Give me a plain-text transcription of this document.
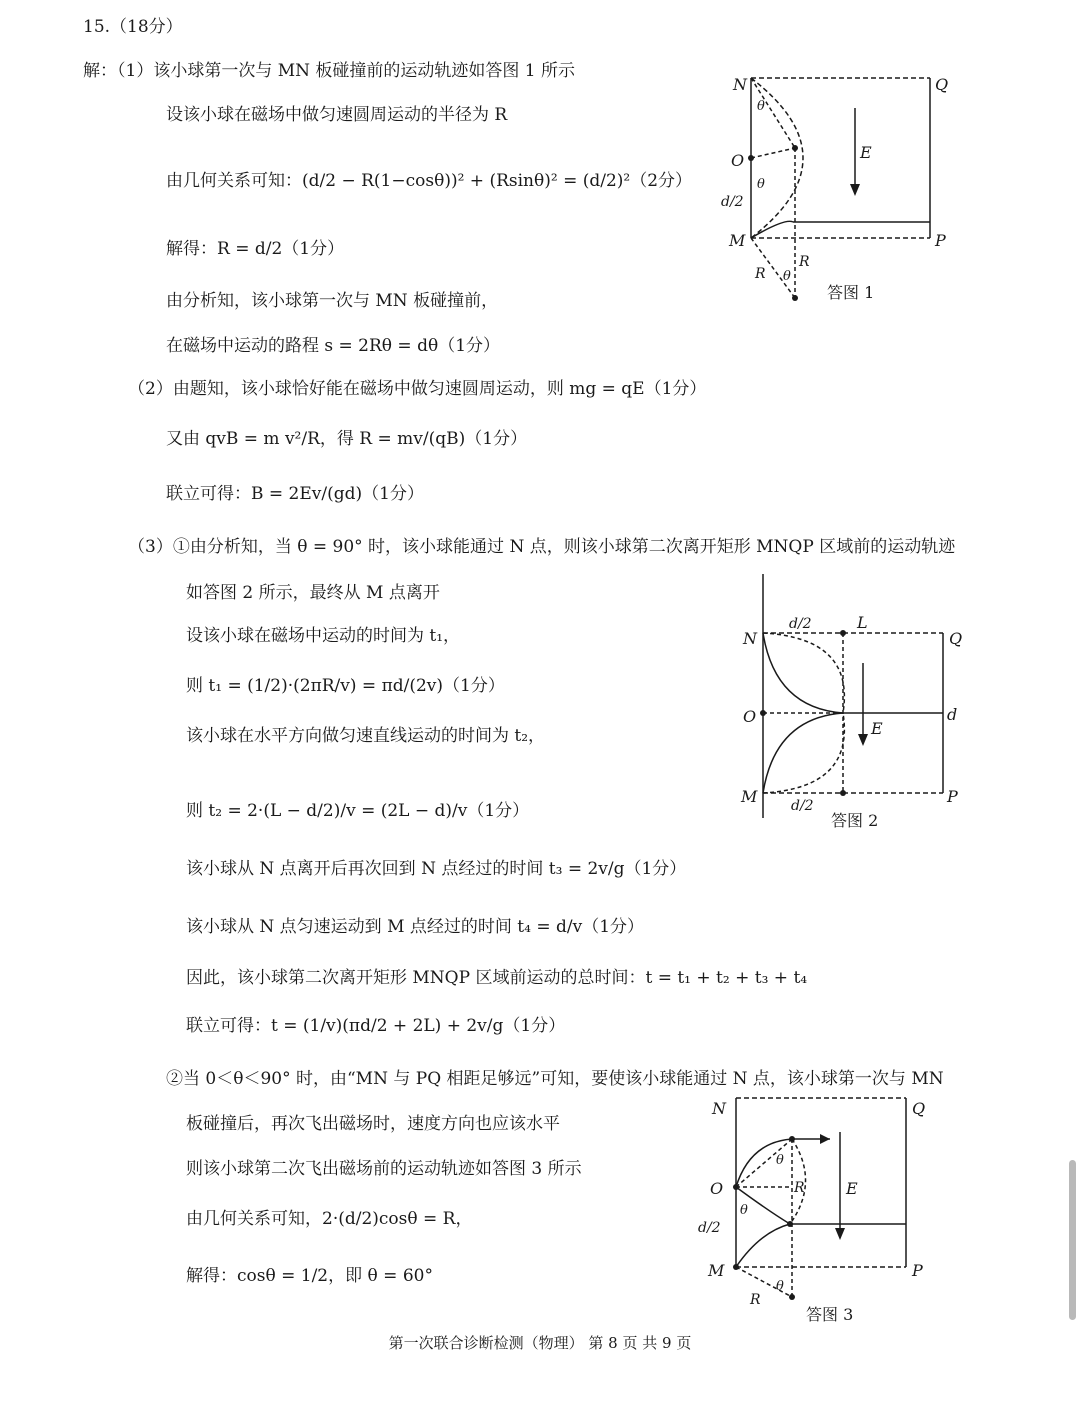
15.（18分）
解：（1）该小球第一次与 MN 板碰撞前的运动轨迹如答图 1 所示
设该小球在磁场中做匀速圆周运动的半径为 R
由几何关系可知：(d/2 − R(1−cosθ))² + (Rsinθ)² = (d/2)²（2分）
解得：R = d/2（1分）
由分析知，该小球第一次与 MN 板碰撞前，
在磁场中运动的路程 s = 2Rθ = dθ（1分）
（2）由题知，该小球恰好能在磁场中做匀速圆周运动，则 mg = qE（1分）
又由 qvB = m v²/R，得 R = mv/(qB)（1分）
联立可得：B = 2Ev/(gd)（1分）
（3）①由分析知，当 θ = 90° 时，该小球能通过 N 点，则该小球第二次离开矩形 MNQP 区域前的运动轨迹
如答图 2 所示，最终从 M 点离开
设该小球在磁场中运动的时间为 t₁，
则 t₁ = (1/2)·(2πR/v) = πd/(2v)（1分）
该小球在水平方向做匀速直线运动的时间为 t₂，
则 t₂ = 2·(L − d/2)/v = (2L − d)/v（1分）
该小球从 N 点离开后再次回到 N 点经过的时间 t₃ = 2v/g（1分）
该小球从 N 点匀速运动到 M 点经过的时间 t₄ = d/v（1分）
因此，该小球第二次离开矩形 MNQP 区域前运动的总时间：t = t₁ + t₂ + t₃ + t₄
联立可得：t = (1/v)(πd/2 + 2L) + 2v/g（1分）
②当 0＜θ＜90° 时，由“MN 与 PQ 相距足够远”可知，要使该小球能通过 N 点，该小球第一次与 MN
板碰撞后，再次飞出磁场时，速度方向也应该水平
则该小球第二次飞出磁场前的运动轨迹如答图 3 所示
由几何关系可知，2·(d/2)cosθ = R，
解得：cosθ = 1/2，即 θ = 60°
N	Q
O
d/2
M	P
E
R
R
θ
θ
θ
答图 1
d/2	L
N	Q
O	d
E
M d/2	P
答图 2
N	Q
O	E
d/2
R
θ
θ
M	P
R
θ
答图 3
第一次联合诊断检测（物理） 第 8 页 共 9 页
